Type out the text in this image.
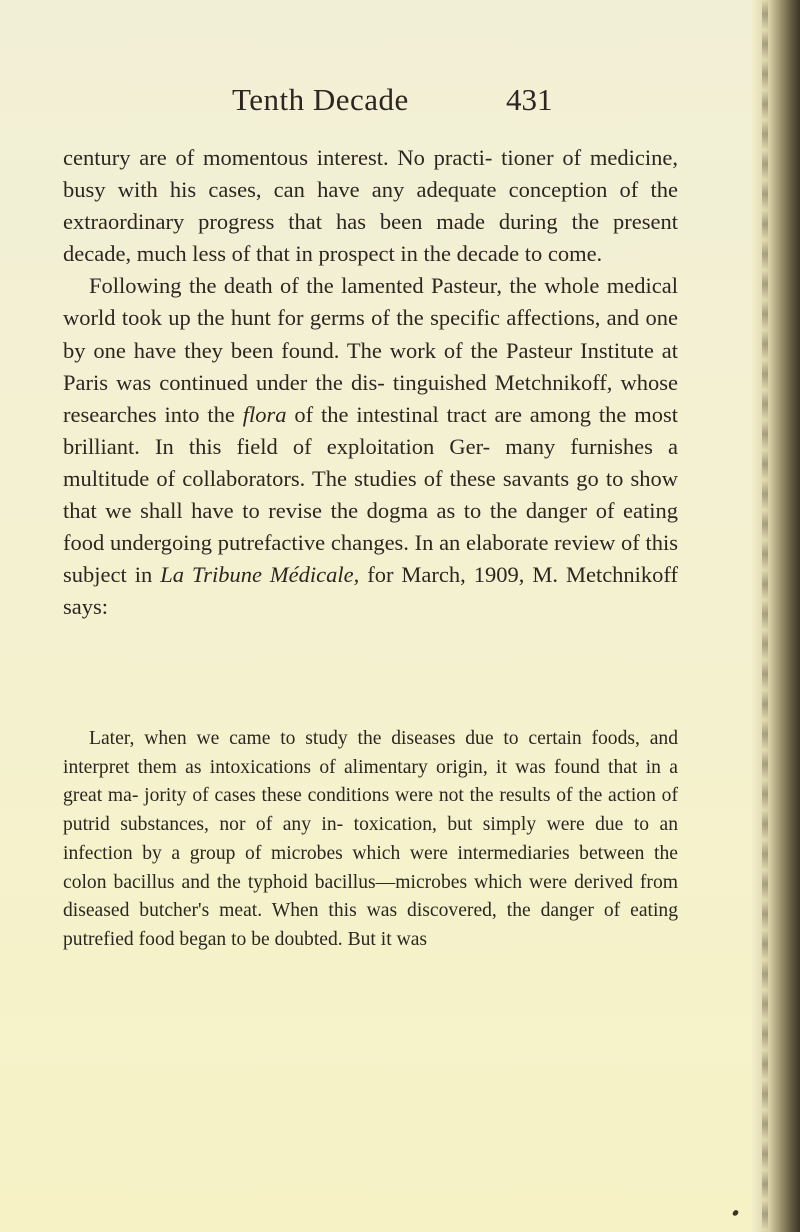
Tenth Decade	431

century are of momentous interest. No practi- tioner of medicine, busy with his cases, can have any adequate conception of the extraordinary progress that has been made during the present decade, much less of that in prospect in the decade to come.

Following the death of the lamented Pasteur, the whole medical world took up the hunt for germs of the specific affections, and one by one have they been found. The work of the Pasteur Institute at Paris was continued under the dis- tinguished Metchnikoff, whose researches into the flora of the intestinal tract are among the most brilliant. In this field of exploitation Ger- many furnishes a multitude of collaborators. The studies of these savants go to show that we shall have to revise the dogma as to the danger of eating food undergoing putrefactive changes. In an elaborate review of this subject in La Tribune Médicale, for March, 1909, M. Metchnikoff says:

Later, when we came to study the diseases due to certain foods, and interpret them as intoxications of alimentary origin, it was found that in a great ma- jority of cases these conditions were not the results of the action of putrid substances, nor of any in- toxication, but simply were due to an infection by a group of microbes which were intermediaries between the colon bacillus and the typhoid bacillus—microbes which were derived from diseased butcher's meat. When this was discovered, the danger of eating putrefied food began to be doubted. But it was
